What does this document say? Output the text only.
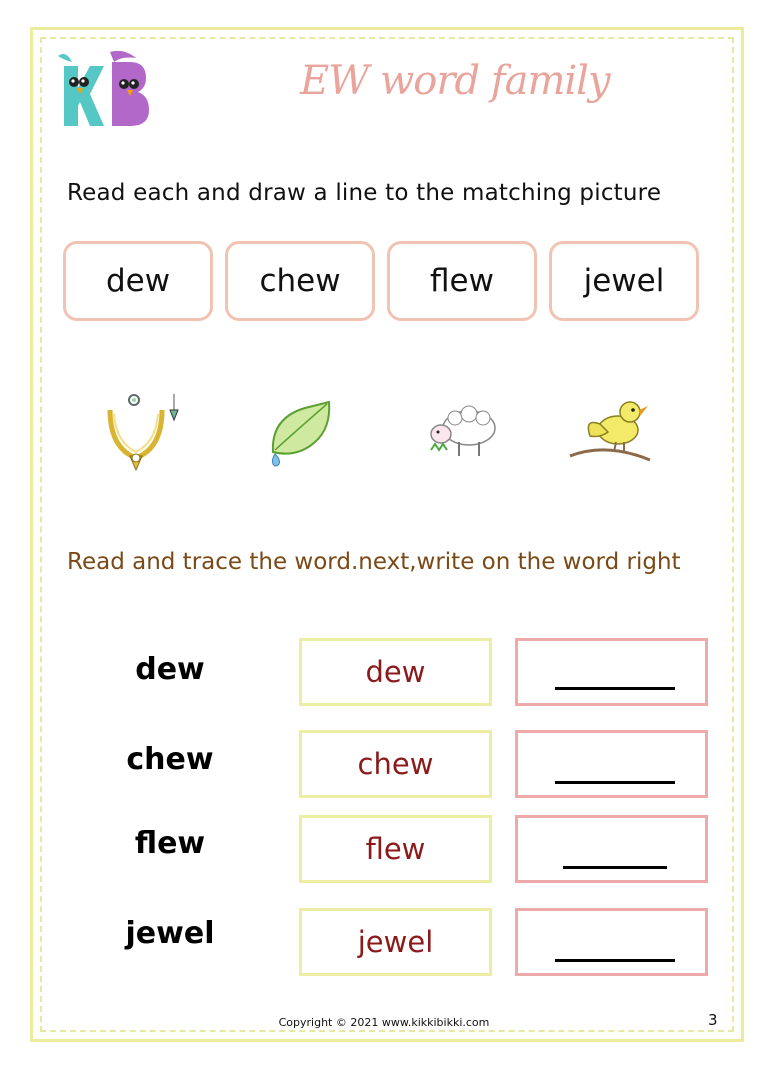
EW word family
Read each and draw a line to the matching picture
dew	chew	flew	jewel
Read and trace the word.next,write on the word right
dew	dew
chew	chew
flew	flew
jewel	jewel
Copyright © 2021 www.kikkibikki.com	3
